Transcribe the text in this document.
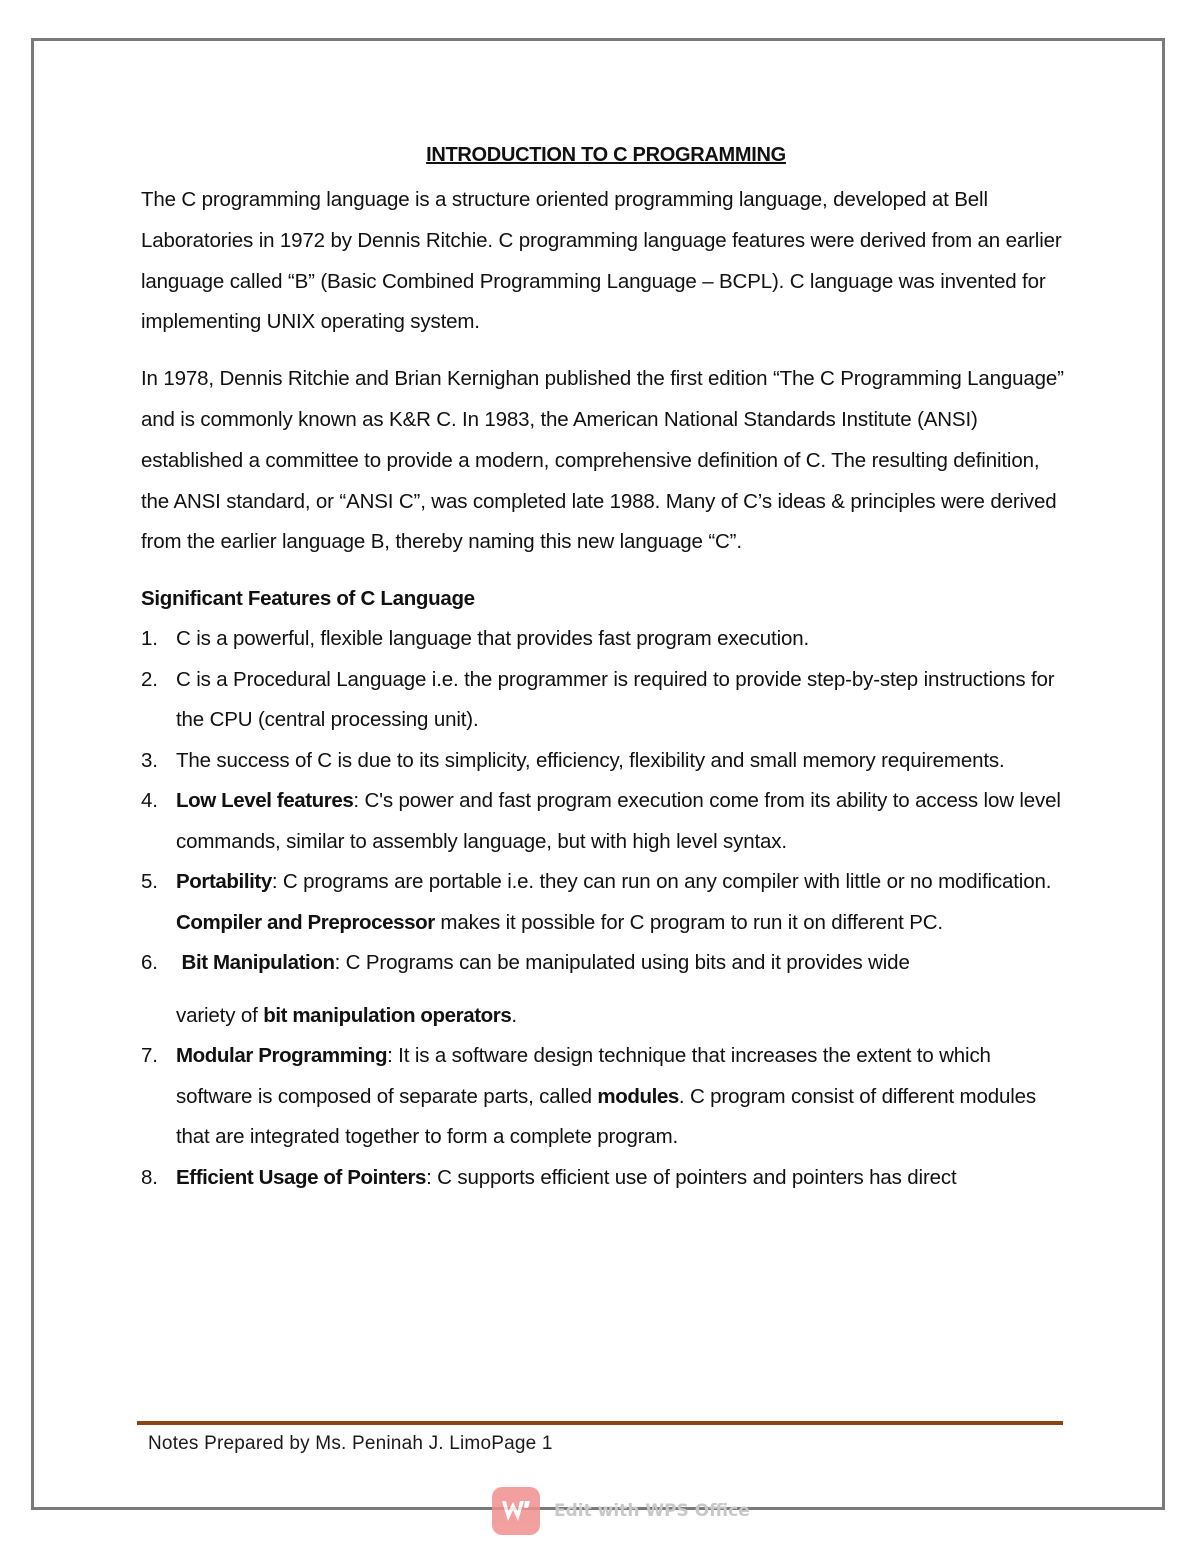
INTRODUCTION TO C PROGRAMMING

The C programming language is a structure oriented programming language, developed at Bell Laboratories in 1972 by Dennis Ritchie. C programming language features were derived from an earlier language called “B” (Basic Combined Programming Language – BCPL). C language was invented for implementing UNIX operating system.

In 1978, Dennis Ritchie and Brian Kernighan published the first edition “The C Programming Language” and is commonly known as K&R C. In 1983, the American National Standards Institute (ANSI) established a committee to provide a modern, comprehensive definition of C. The resulting definition, the ANSI standard, or “ANSI C”, was completed late 1988. Many of C’s ideas & principles were derived from the earlier language B, thereby naming this new language “C”.

Significant Features of C Language
1. C is a powerful, flexible language that provides fast program execution.
2. C is a Procedural Language i.e. the programmer is required to provide step-by-step instructions for the CPU (central processing unit).
3. The success of C is due to its simplicity, efficiency, flexibility and small memory requirements.
4. Low Level features: C's power and fast program execution come from its ability to access low level commands, similar to assembly language, but with high level syntax.
5. Portability: C programs are portable i.e. they can run on any compiler with little or no modification. Compiler and Preprocessor makes it possible for C program to run it on different PC.
6. Bit Manipulation: C Programs can be manipulated using bits and it provides wide
variety of bit manipulation operators.
7. Modular Programming: It is a software design technique that increases the extent to which software is composed of separate parts, called modules. C program consist of different modules that are integrated together to form a complete program.
8. Efficient Usage of Pointers: C supports efficient use of pointers and pointers has direct
Notes Prepared by Ms. Peninah J. LimoPage 1
Edit with WPS Office
